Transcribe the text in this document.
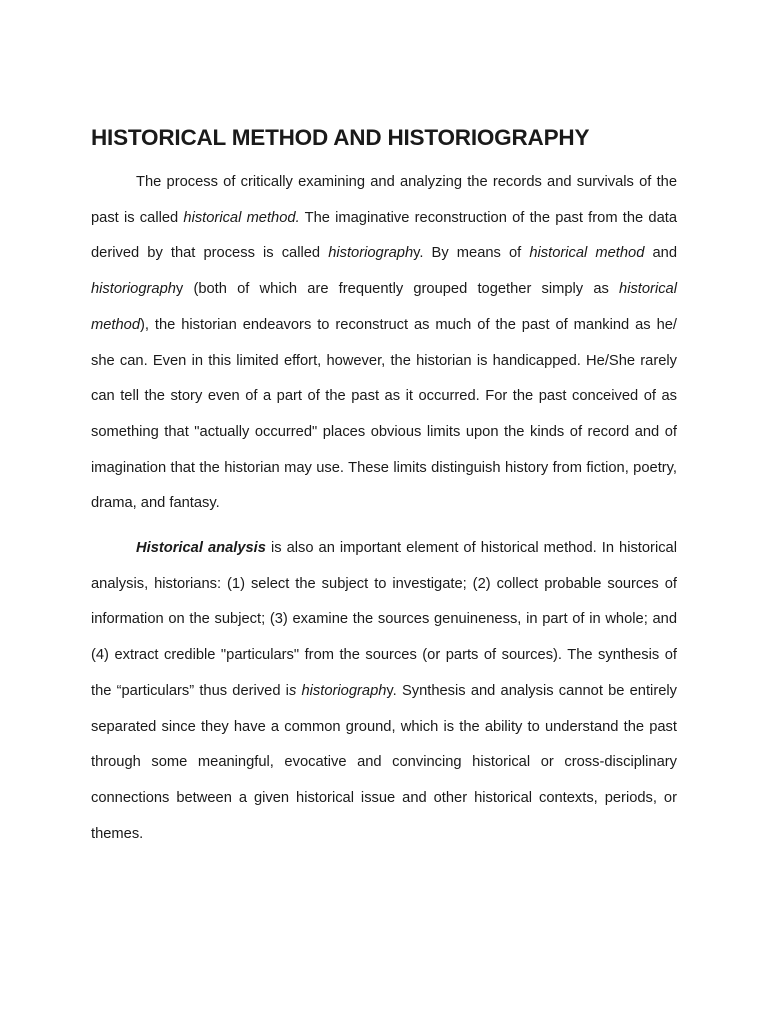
HISTORICAL METHOD AND HISTORIOGRAPHY

The process of critically examining and analyzing the records and survivals of the past is called historical method. The imaginative reconstruction of the past from the data derived by that process is called historiography. By means of historical method and historiography (both of which are frequently grouped together simply as historical method), the historian endeavors to reconstruct as much of the past of mankind as he/ she can. Even in this limited effort, however, the historian is handicapped. He/She rarely can tell the story even of a part of the past as it occurred. For the past conceived of as something that "actually occurred" places obvious limits upon the kinds of record and of imagination that the historian may use. These limits distinguish history from fiction, poetry, drama, and fantasy.

Historical analysis is also an important element of historical method. In historical analysis, historians: (1) select the subject to investigate; (2) collect probable sources of information on the subject; (3) examine the sources genuineness, in part of in whole; and (4) extract credible "particulars" from the sources (or parts of sources). The synthesis of the “particulars” thus derived is historiography. Synthesis and analysis cannot be entirely separated since they have a common ground, which is the ability to understand the past through some meaningful, evocative and convincing historical or cross-disciplinary connections between a given historical issue and other historical contexts, periods, or themes.
